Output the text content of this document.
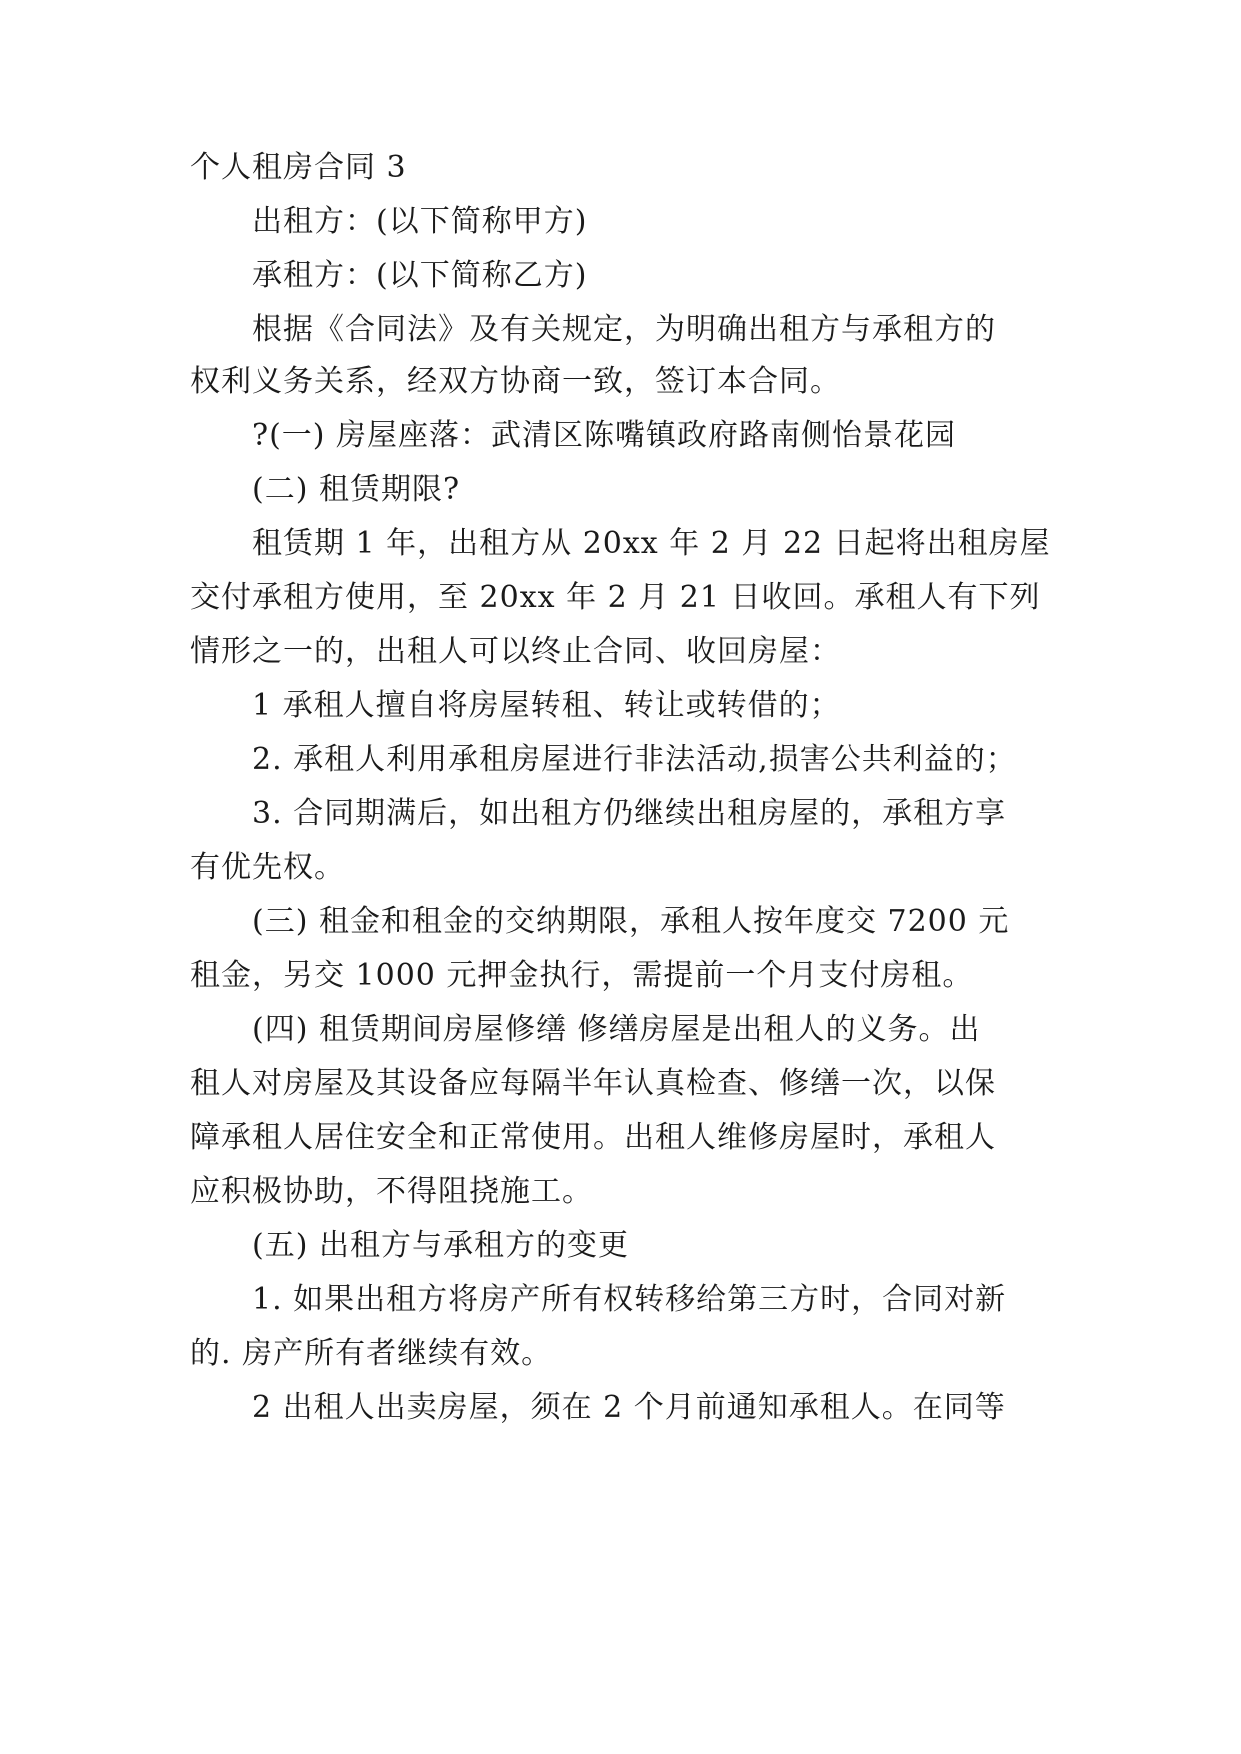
个人租房合同 3
出租方：(以下简称甲方)
承租方：(以下简称乙方)
根据《合同法》及有关规定，为明确出租方与承租方的
权利义务关系，经双方协商一致，签订本合同。
?(一) 房屋座落：武清区陈嘴镇政府路南侧怡景花园
(二) 租赁期限?
租赁期 1 年，出租方从 20xx 年 2 月 22 日起将出租房屋
交付承租方使用，至 20xx 年 2 月 21 日收回。承租人有下列
情形之一的，出租人可以终止合同、收回房屋：
1 承租人擅自将房屋转租、转让或转借的；
2. 承租人利用承租房屋进行非法活动,损害公共利益的；
3. 合同期满后，如出租方仍继续出租房屋的，承租方享
有优先权。
(三) 租金和租金的交纳期限，承租人按年度交 7200 元
租金，另交 1000 元押金执行，需提前一个月支付房租。
(四) 租赁期间房屋修缮 修缮房屋是出租人的义务。出
租人对房屋及其设备应每隔半年认真检查、修缮一次，以保
障承租人居住安全和正常使用。出租人维修房屋时，承租人
应积极协助，不得阻挠施工。
(五) 出租方与承租方的变更
1. 如果出租方将房产所有权转移给第三方时，合同对新
的. 房产所有者继续有效。
2 出租人出卖房屋，须在 2 个月前通知承租人。在同等
